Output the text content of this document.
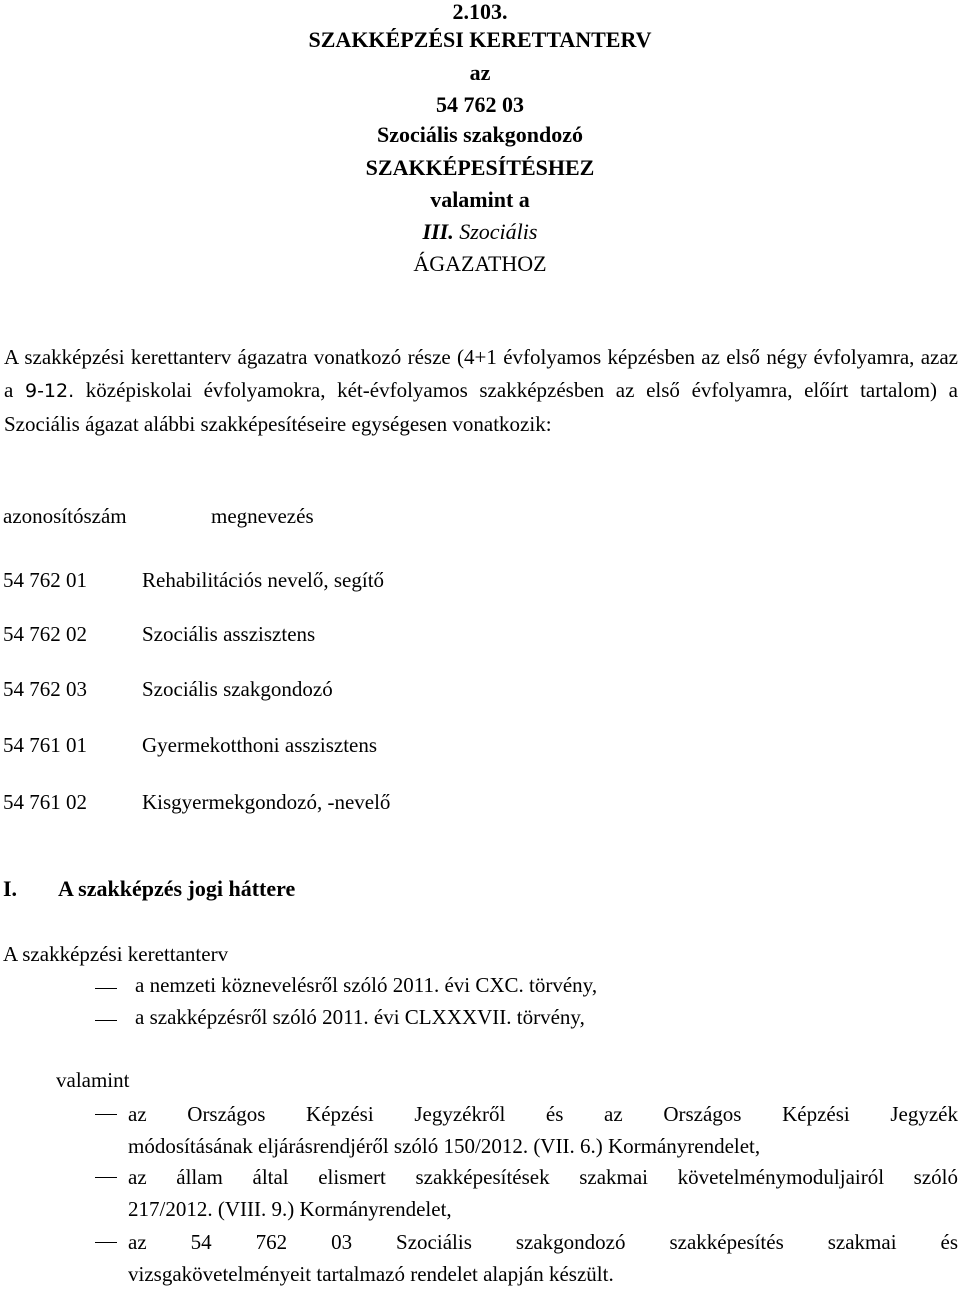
2.103.
SZAKKÉPZÉSI KERETTANTERV
az
54 762 03
Szociális szakgondozó
SZAKKÉPESÍTÉSHEZ
valamint a
III. Szociális
ÁGAZATHOZ

A szakképzési kerettanterv ágazatra vonatkozó része (4+1 évfolyamos képzésben az első négy évfolyamra, azaz a 9-12. középiskolai évfolyamokra, két-évfolyamos szakképzésben az első évfolyamra, előírt tartalom) a Szociális ágazat alábbi szakképesítéseire egységesen vonatkozik:

azonosítószám	megnevezés
54 762 01	Rehabilitációs nevelő, segítő
54 762 02	Szociális asszisztens
54 762 03	Szociális szakgondozó
54 761 01	Gyermekotthoni asszisztens
54 761 02	Kisgyermekgondozó, -nevelő
I. A szakképzés jogi háttere
A szakképzési kerettanterv
a nemzeti köznevelésről szóló 2011. évi CXC. törvény,
a szakképzésről szóló 2011. évi CLXXXVII. törvény,
valamint
az Országos Képzési Jegyzékről és az Országos Képzési Jegyzék
módosításának eljárásrendjéről szóló 150/2012. (VII. 6.) Kormányrendelet,
az állam által elismert szakképesítések szakmai követelménymoduljairól szóló
217/2012. (VIII. 9.) Kormányrendelet,
az 54 762 03 Szociális szakgondozó szakképesítés szakmai és
vizsgakövetelményeit tartalmazó rendelet alapján készült.
